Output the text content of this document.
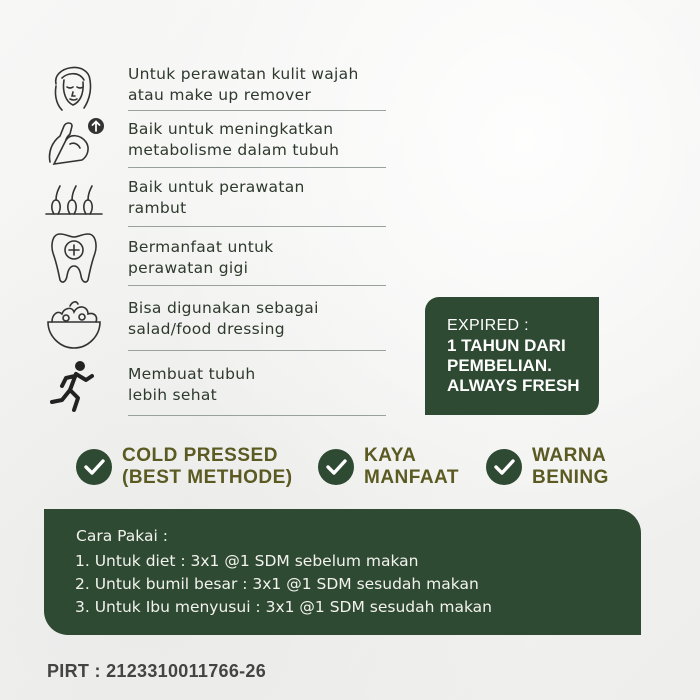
Untuk perawatan kulit wajah
atau make up remover
Baik untuk meningkatkan
metabolisme dalam tubuh
Baik untuk perawatan
rambut
Bermanfaat untuk
perawatan gigi
Bisa digunakan sebagai
salad/food dressing
Membuat tubuh
lebih sehat
EXPIRED :
1 TAHUN DARI
PEMBELIAN.
ALWAYS FRESH
COLD PRESSED
(BEST METHODE)
KAYA
MANFAAT
WARNA
BENING
Cara Pakai :
1. Untuk diet : 3x1 @1 SDM sebelum makan
2. Untuk bumil besar : 3x1 @1 SDM sesudah makan
3. Untuk Ibu menyusui : 3x1 @1 SDM sesudah makan
PIRT : 2123310011766-26
